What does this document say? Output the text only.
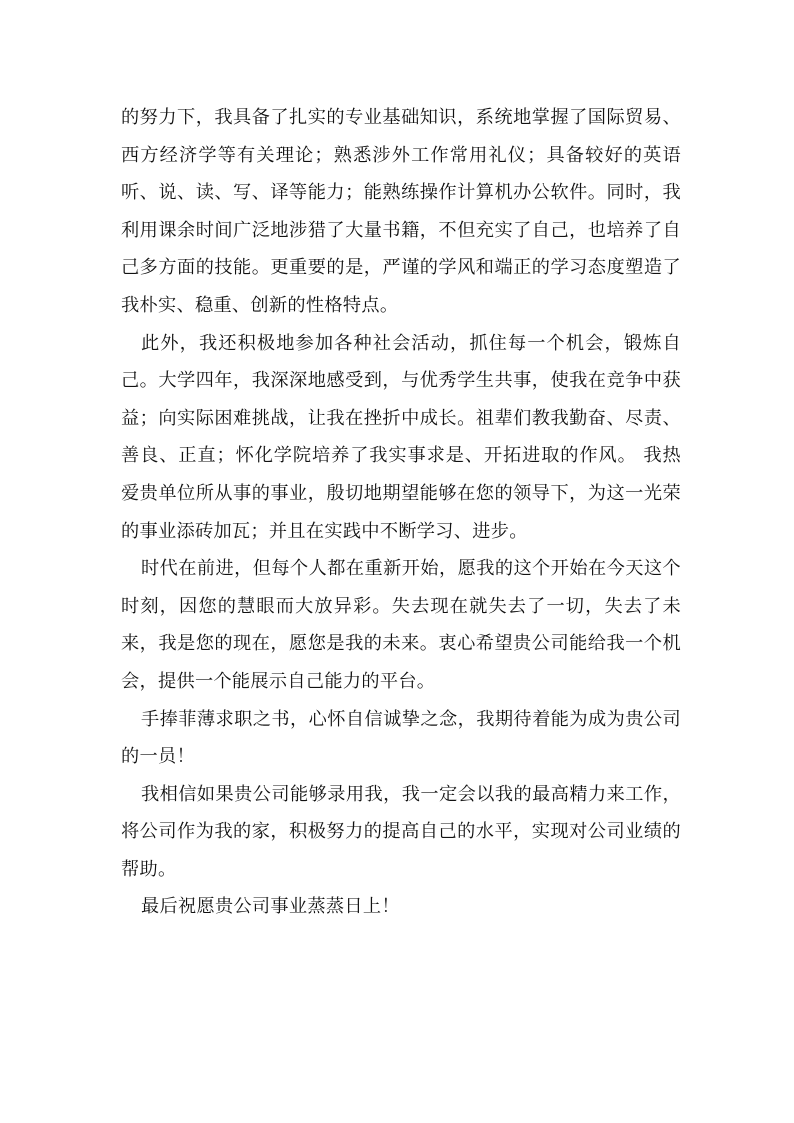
的努力下，我具备了扎实的专业基础知识，系统地掌握了国际贸易、西方经济学等有关理论；熟悉涉外工作常用礼仪；具备较好的英语听、说、读、写、译等能力；能熟练操作计算机办公软件。同时，我利用课余时间广泛地涉猎了大量书籍，不但充实了自己，也培养了自己多方面的技能。更重要的是，严谨的学风和端正的学习态度塑造了我朴实、稳重、创新的性格特点。

此外，我还积极地参加各种社会活动，抓住每一个机会，锻炼自己。大学四年，我深深地感受到，与优秀学生共事，使我在竞争中获益；向实际困难挑战，让我在挫折中成长。祖辈们教我勤奋、尽责、善良、正直；怀化学院培养了我实事求是、开拓进取的作风。 我热爱贵单位所从事的事业，殷切地期望能够在您的领导下，为这一光荣的事业添砖加瓦；并且在实践中不断学习、进步。

时代在前进，但每个人都在重新开始，愿我的这个开始在今天这个时刻，因您的慧眼而大放异彩。失去现在就失去了一切，失去了未来，我是您的现在，愿您是我的未来。衷心希望贵公司能给我一个机会，提供一个能展示自己能力的平台。

手捧菲薄求职之书，心怀自信诚挚之念，我期待着能为成为贵公司的一员！

我相信如果贵公司能够录用我，我一定会以我的最高精力来工作，将公司作为我的家，积极努力的提高自己的水平，实现对公司业绩的帮助。

最后祝愿贵公司事业蒸蒸日上！
